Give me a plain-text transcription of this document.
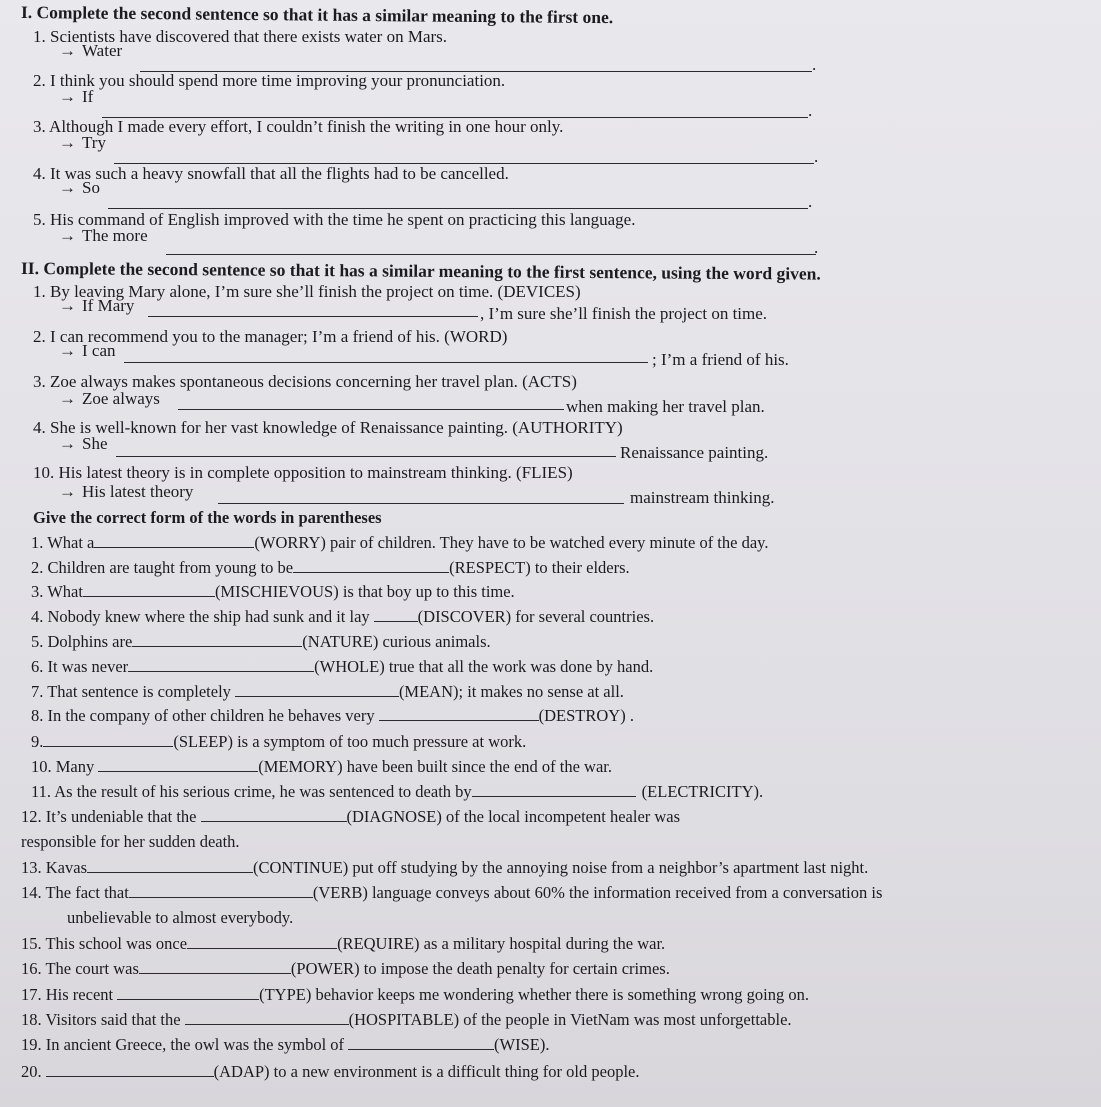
I. Complete the second sentence so that it has a similar meaning to the first one.
1. Scientists have discovered that there exists water on Mars.
→ Water
.
2. I think you should spend more time improving your pronunciation.
→ If
.
3. Although I made every effort, I couldn’t finish the writing in one hour only.
→ Try
.
4. It was such a heavy snowfall that all the flights had to be cancelled.
→ So
.
5. His command of English improved with the time he spent on practicing this language.
→ The more
.
II. Complete the second sentence so that it has a similar meaning to the first sentence, using the word given.
1. By leaving Mary alone, I’m sure she’ll finish the project on time. (DEVICES)
→ If Mary	, I’m sure she’ll finish the project on time.
2. I can recommend you to the manager; I’m a friend of his. (WORD)
→ I can	; I’m a friend of his.
3. Zoe always makes spontaneous decisions concerning her travel plan. (ACTS)
→ Zoe always	when making her travel plan.
4. She is well-known for her vast knowledge of Renaissance painting. (AUTHORITY)
→ She	Renaissance painting.
10. His latest theory is in complete opposition to mainstream thinking. (FLIES)
→ His latest theory	mainstream thinking.
Give the correct form of the words in parentheses
1. What a	(WORRY) pair of children. They have to be watched every minute of the day.
2. Children are taught from young to be	(RESPECT) to their elders.
3. What	(MISCHIEVOUS) is that boy up to this time.
4. Nobody knew where the ship had sunk and it lay	(DISCOVER) for several countries.
5. Dolphins are	(NATURE) curious animals.
6. It was never	(WHOLE) true that all the work was done by hand.
7. That sentence is completely	(MEAN); it makes no sense at all.
8. In the company of other children he behaves very	(DESTROY) .
9.	(SLEEP) is a symptom of too much pressure at work.
10. Many	(MEMORY) have been built since the end of the war.
11. As the result of his serious crime, he was sentenced to death by	(ELECTRICITY).
12. It’s undeniable that the	(DIAGNOSE) of the local incompetent healer was
responsible for her sudden death.
13. Kavas	(CONTINUE) put off studying by the annoying noise from a neighbor’s apartment last night.
14. The fact that	(VERB) language conveys about 60% the information received from a conversation is
unbelievable to almost everybody.
15. This school was once	(REQUIRE) as a military hospital during the war.
16. The court was	(POWER) to impose the death penalty for certain crimes.
17. His recent	(TYPE) behavior keeps me wondering whether there is something wrong going on.
18. Visitors said that the	(HOSPITABLE) of the people in VietNam was most unforgettable.
19. In ancient Greece, the owl was the symbol of	(WISE).
20.	(ADAP) to a new environment is a difficult thing for old people.
